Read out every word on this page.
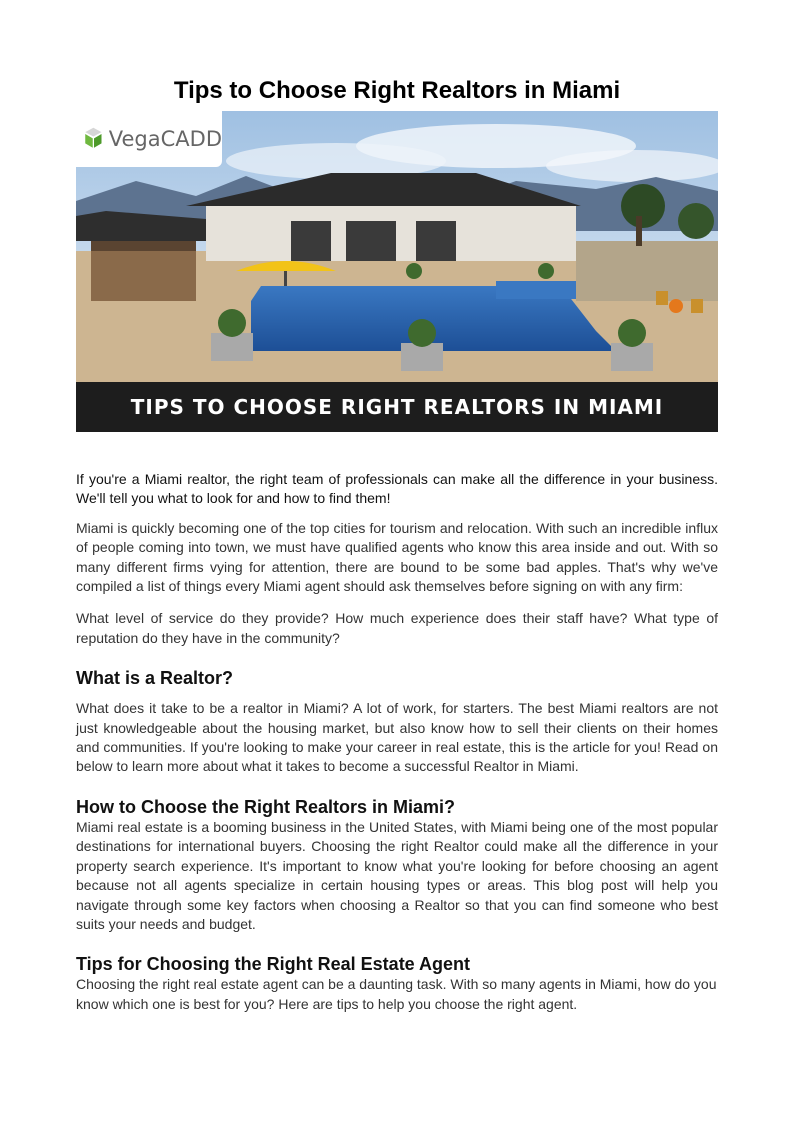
Tips to Choose Right Realtors in Miami
VegaCADD
TIPS TO CHOOSE RIGHT REALTORS IN MIAMI

If you're a Miami realtor, the right team of professionals can make all the difference in your business. We'll tell you what to look for and how to find them!

Miami is quickly becoming one of the top cities for tourism and relocation. With such an incredible influx of people coming into town, we must have qualified agents who know this area inside and out. With so many different firms vying for attention, there are bound to be some bad apples. That's why we've compiled a list of things every Miami agent should ask themselves before signing on with any firm:

What level of service do they provide? How much experience does their staff have? What type of reputation do they have in the community?

What is a Realtor?

What does it take to be a realtor in Miami? A lot of work, for starters. The best Miami realtors are not just knowledgeable about the housing market, but also know how to sell their clients on their homes and communities. If you're looking to make your career in real estate, this is the article for you! Read on below to learn more about what it takes to become a successful Realtor in Miami.

How to Choose the Right Realtors in Miami?

Miami real estate is a booming business in the United States, with Miami being one of the most popular destinations for international buyers. Choosing the right Realtor could make all the difference in your property search experience. It's important to know what you're looking for before choosing an agent because not all agents specialize in certain housing types or areas. This blog post will help you navigate through some key factors when choosing a Realtor so that you can find someone who best suits your needs and budget.

Tips for Choosing the Right Real Estate Agent

Choosing the right real estate agent can be a daunting task. With so many agents in Miami, how do you know which one is best for you? Here are tips to help you choose the right agent.
